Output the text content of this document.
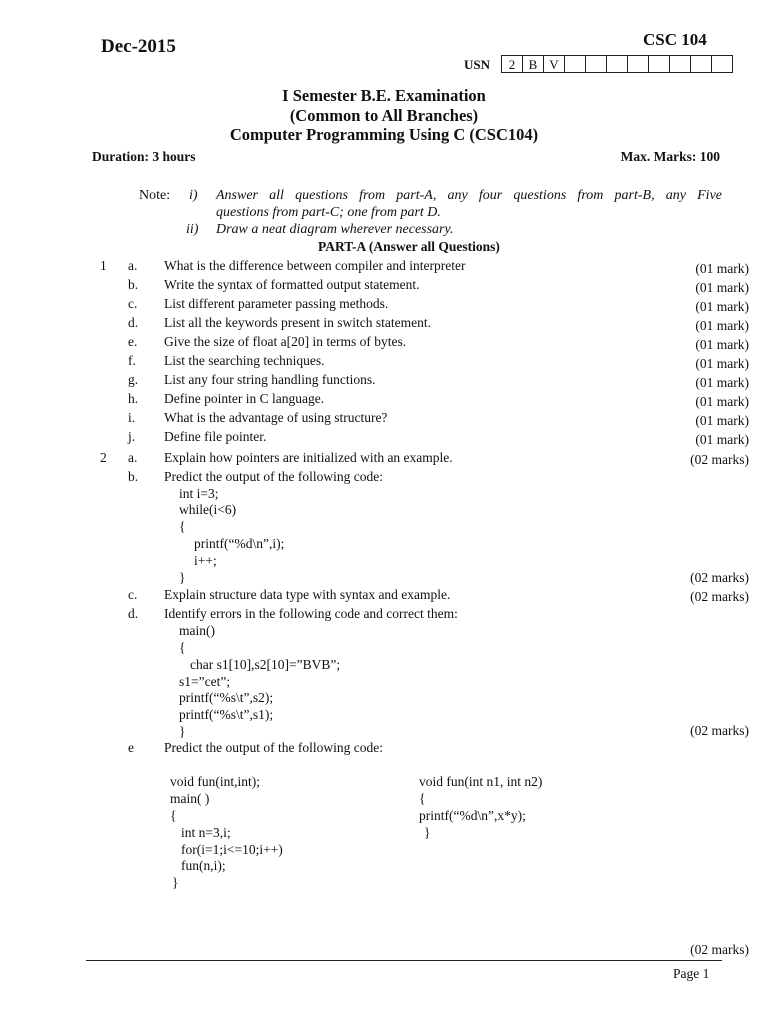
Dec-2015	CSC 104
USN	2	B V
I Semester B.E. Examination
(Common to All Branches)
Computer Programming Using C (CSC104)
Duration: 3 hours	Max. Marks: 100
Note: i) Answer all questions from part-A, any four questions from part-B, any Five
questions from part-C; one from part D.
ii) Draw a neat diagram wherever necessary.
PART-A (Answer all Questions)
1 a. What is the difference between compiler and interpreter	(01 mark)
b. Write the syntax of formatted output statement.	(01 mark)
c. List different parameter passing methods.	(01 mark)
d. List all the keywords present in switch statement.	(01 mark)
e. Give the size of float a[20] in terms of bytes.	(01 mark)
f. List the searching techniques.	(01 mark)
g. List any four string handling functions.	(01 mark)
h. Define pointer in C language.	(01 mark)
i. What is the advantage of using structure?	(01 mark)
j. Define file pointer.	(01 mark)
2 a. Explain how pointers are initialized with an example.	(02 marks)
b. Predict the output of the following code:
int i=3;
while(i<6)
{
printf(“%d\n”,i);
i++;
}	(02 marks)
c. Explain structure data type with syntax and example.	(02 marks)
d. Identify errors in the following code and correct them:
main()
{
char s1[10],s2[10]=”BVB”;
s1=”cet”;
printf(“%s\t”,s2);
printf(“%s\t”,s1);
}	(02 marks)
e Predict the output of the following code:
void fun(int,int);
main( )
{
int n=3,i;
for(i=1;i<=10;i++)
fun(n,i);
}
void fun(int n1, int n2)
{
printf(“%d\n”,x*y);
}
(02 marks)
Page 1
